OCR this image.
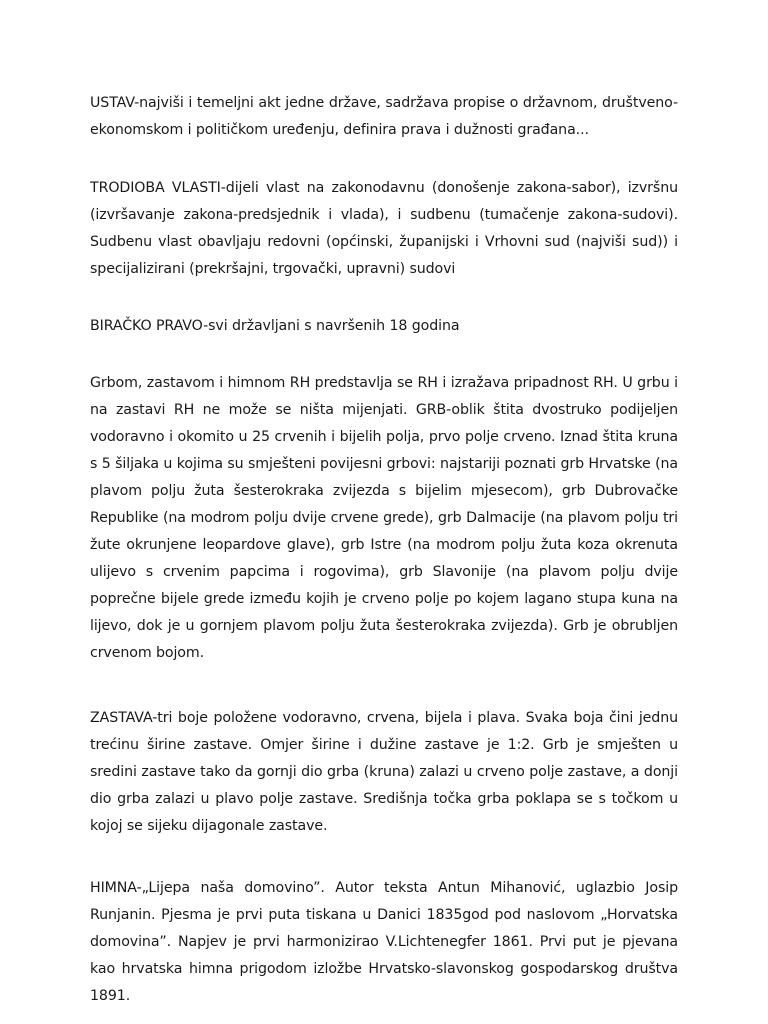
USTAV-najviši i temeljni akt jedne države, sadržava propise o državnom, društveno-ekonomskom i političkom uređenju, definira prava i dužnosti građana...

TRODIOBA VLASTI-dijeli vlast na zakonodavnu (donošenje zakona-sabor), izvršnu (izvršavanje zakona-predsjednik i vlada), i sudbenu (tumačenje zakona-sudovi). Sudbenu vlast obavljaju redovni (općinski, županijski i Vrhovni sud (najviši sud)) i specijalizirani (prekršajni, trgovački, upravni) sudovi

BIRAČKO PRAVO-svi državljani s navršenih 18 godina

Grbom, zastavom i himnom RH predstavlja se RH i izražava pripadnost RH. U grbu i na zastavi RH ne može se ništa mijenjati. GRB-oblik štita dvostruko podijeljen vodoravno i okomito u 25 crvenih i bijelih polja, prvo polje crveno. Iznad štita kruna s 5 šiljaka u kojima su smješteni povijesni grbovi: najstariji poznati grb Hrvatske (na plavom polju žuta šesterokraka zvijezda s bijelim mjesecom), grb Dubrovačke Republike (na modrom polju dvije crvene grede), grb Dalmacije (na plavom polju tri žute okrunjene leopardove glave), grb Istre (na modrom polju žuta koza okrenuta ulijevo s crvenim papcima i rogovima), grb Slavonije (na plavom polju dvije poprečne bijele grede između kojih je crveno polje po kojem lagano stupa kuna na lijevo, dok je u gornjem plavom polju žuta šesterokraka zvijezda). Grb je obrubljen crvenom bojom.

ZASTAVA-tri boje položene vodoravno, crvena, bijela i plava. Svaka boja čini jednu trećinu širine zastave. Omjer širine i dužine zastave je 1:2. Grb je smješten u sredini zastave tako da gornji dio grba (kruna) zalazi u crveno polje zastave, a donji dio grba zalazi u plavo polje zastave. Središnja točka grba poklapa se s točkom u kojoj se sijeku dijagonale zastave.

HIMNA-„Lijepa naša domovino”. Autor teksta Antun Mihanović, uglazbio Josip Runjanin. Pjesma je prvi puta tiskana u Danici 1835god pod naslovom „Horvatska domovina”. Napjev je prvi harmonizirao V.Lichtenegfer 1861. Prvi put je pjevana kao hrvatska himna prigodom izložbe Hrvatsko-slavonskog gospodarskog društva 1891.
